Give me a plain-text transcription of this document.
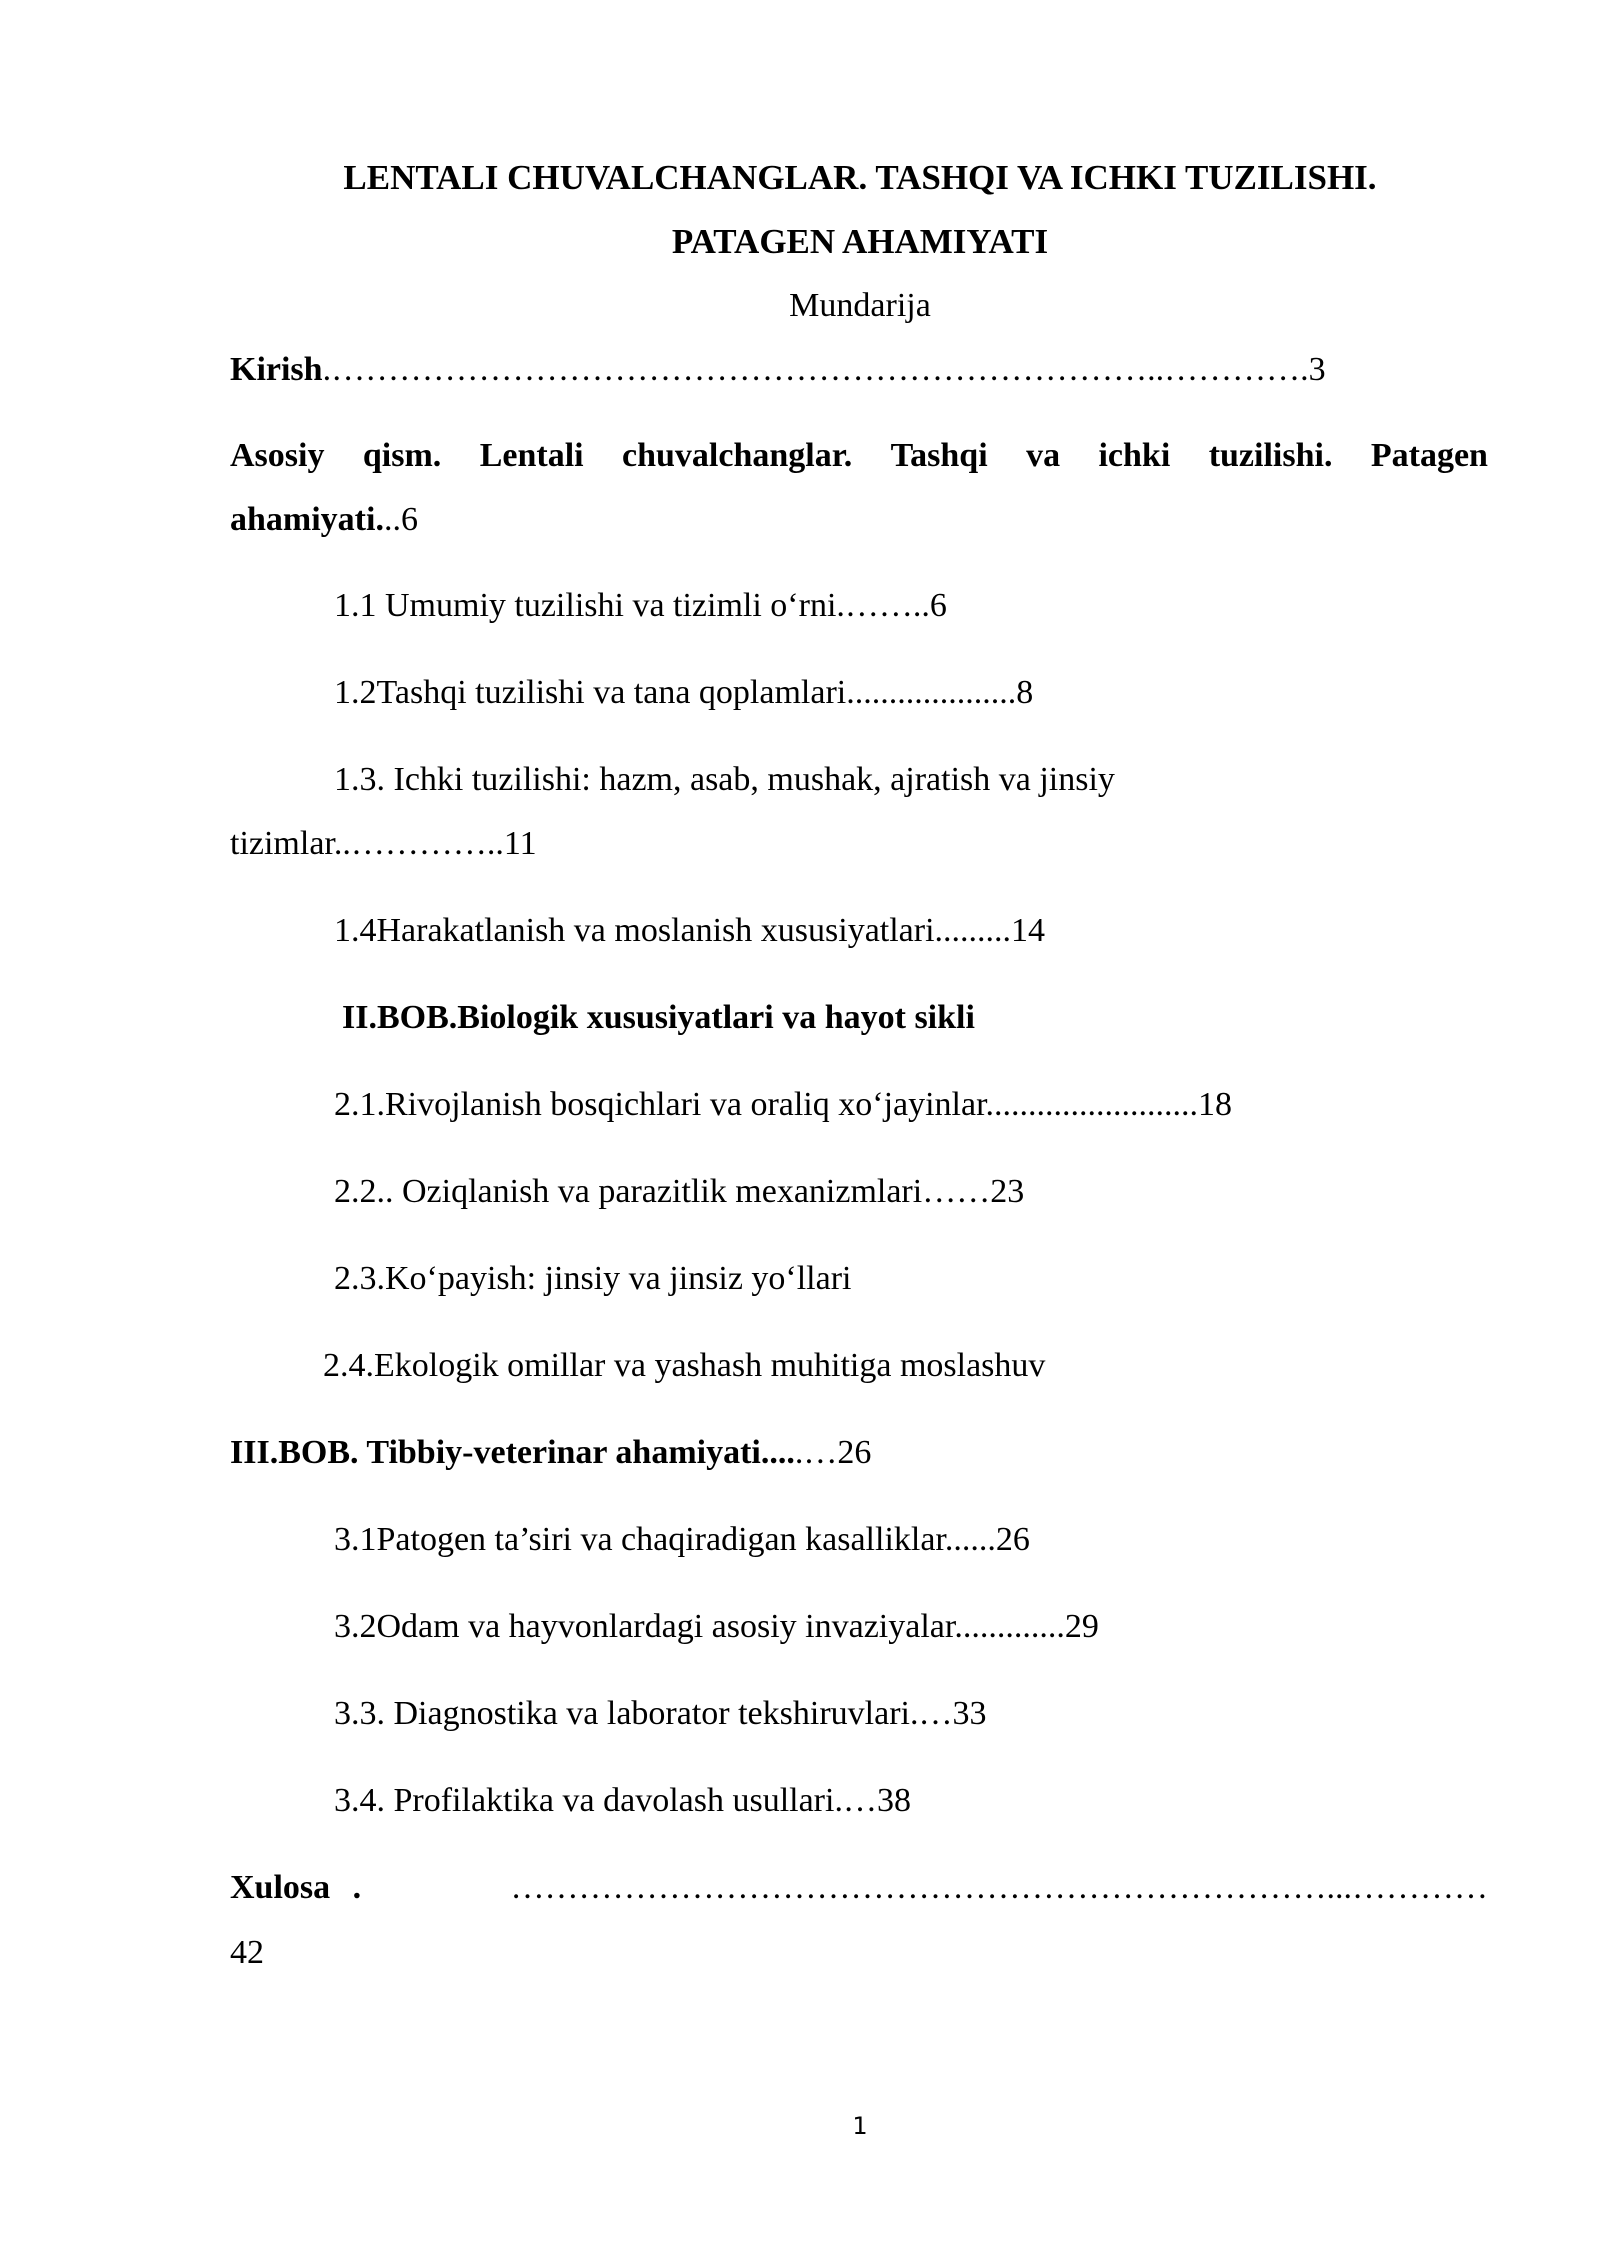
LENTALI CHUVALCHANGLAR. TASHQI VA ICHKI TUZILISHI.
PATAGEN AHAMIYATI
Mundarija
Kirish.………………………………………………………………..………….3
Asosiy qism. Lentali chuvalchanglar. Tashqi va ichki tuzilishi. Patagen
ahamiyati...6
1.1 Umumiy tuzilishi va tizimli o‘rni.……..6
1.2Tashqi tuzilishi va tana qoplamlari....................8
1.3. Ichki tuzilishi: hazm, asab, mushak, ajratish va jinsiy
tizimlar..…………..11
1.4Harakatlanish va moslanish xususiyatlari.........14
II.BOB.Biologik xususiyatlari va hayot sikli
2.1.Rivojlanish bosqichlari va oraliq xo‘jayinlar.........................18
2.2.. Oziqlanish va parazitlik mexanizmlari……23
2.3.Ko‘payish: jinsiy va jinsiz yo‘llari
2.4.Ekologik omillar va yashash muhitiga moslashuv
III.BOB. Tibbiy-veterinar ahamiyati.....…26
3.1Patogen ta’siri va chaqiradigan kasalliklar......26
3.2Odam va hayvonlardagi asosiy invaziyalar.............29
3.3. Diagnostika va laborator tekshiruvlari.…33
3.4. Profilaktika va davolash usullari.…38
Xulosa .	………………………………………………………………...…………
42
1
